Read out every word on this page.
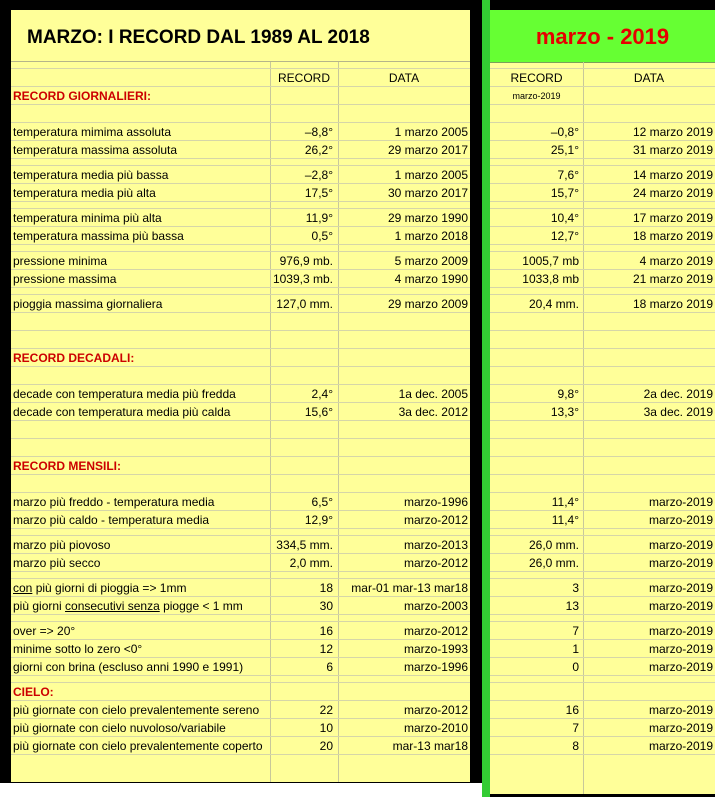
MARZO: I RECORD DAL 1989 AL 2018
RECORD	DATA
RECORD GIORNALIERI:
temperatura mimima assoluta	–8,8°	1 marzo 2005
temperatura massima assoluta	26,2°	29 marzo 2017
temperatura media più bassa	–2,8°	1 marzo 2005
temperatura media più alta	17,5°	30 marzo 2017
temperatura minima più alta	11,9°	29 marzo 1990
temperatura massima più bassa	0,5°	1 marzo 2018
pressione minima	976,9 mb.	5 marzo 2009
pressione massima	1039,3 mb.	4 marzo 1990
pioggia massima giornaliera	127,0 mm.	29 marzo 2009
RECORD DECADALI:
decade con temperatura media più fredda	2,4°	1a dec. 2005
decade con temperatura media più calda	15,6°	3a dec. 2012
RECORD MENSILI:
marzo più freddo - temperatura media	6,5°	marzo-1996
marzo più caldo - temperatura media	12,9°	marzo-2012
marzo più piovoso	334,5 mm.	marzo-2013
marzo più secco	2,0 mm.	marzo-2012
con più giorni di pioggia => 1mm	18	mar-01 mar-13 mar18
più giorni consecutivi senza piogge < 1 mm	30	marzo-2003
over => 20°	16	marzo-2012
minime sotto lo zero <0°	12	marzo-1993
giorni con brina (escluso anni 1990 e 1991)	6	marzo-1996
CIELO:
più giornate con cielo prevalentemente sereno	22	marzo-2012
più giornate con cielo nuvoloso/variabile	10	marzo-2010
più giornate con cielo prevalentemente coperto	20	mar-13 mar18
marzo - 2019
RECORD	DATA
marzo-2019
–0,8°	12 marzo 2019
25,1°	31 marzo 2019
7,6°	14 marzo 2019
15,7°	24 marzo 2019
10,4°	17 marzo 2019
12,7°	18 marzo 2019
1005,7 mb	4 marzo 2019
1033,8 mb	21 marzo 2019
20,4 mm.	18 marzo 2019
9,8°	2a dec. 2019
13,3°	3a dec. 2019
11,4°	marzo-2019
11,4°	marzo-2019
26,0 mm.	marzo-2019
26,0 mm.	marzo-2019
3	marzo-2019
13	marzo-2019
7	marzo-2019
1	marzo-2019
0	marzo-2019
16	marzo-2019
7	marzo-2019
8	marzo-2019
